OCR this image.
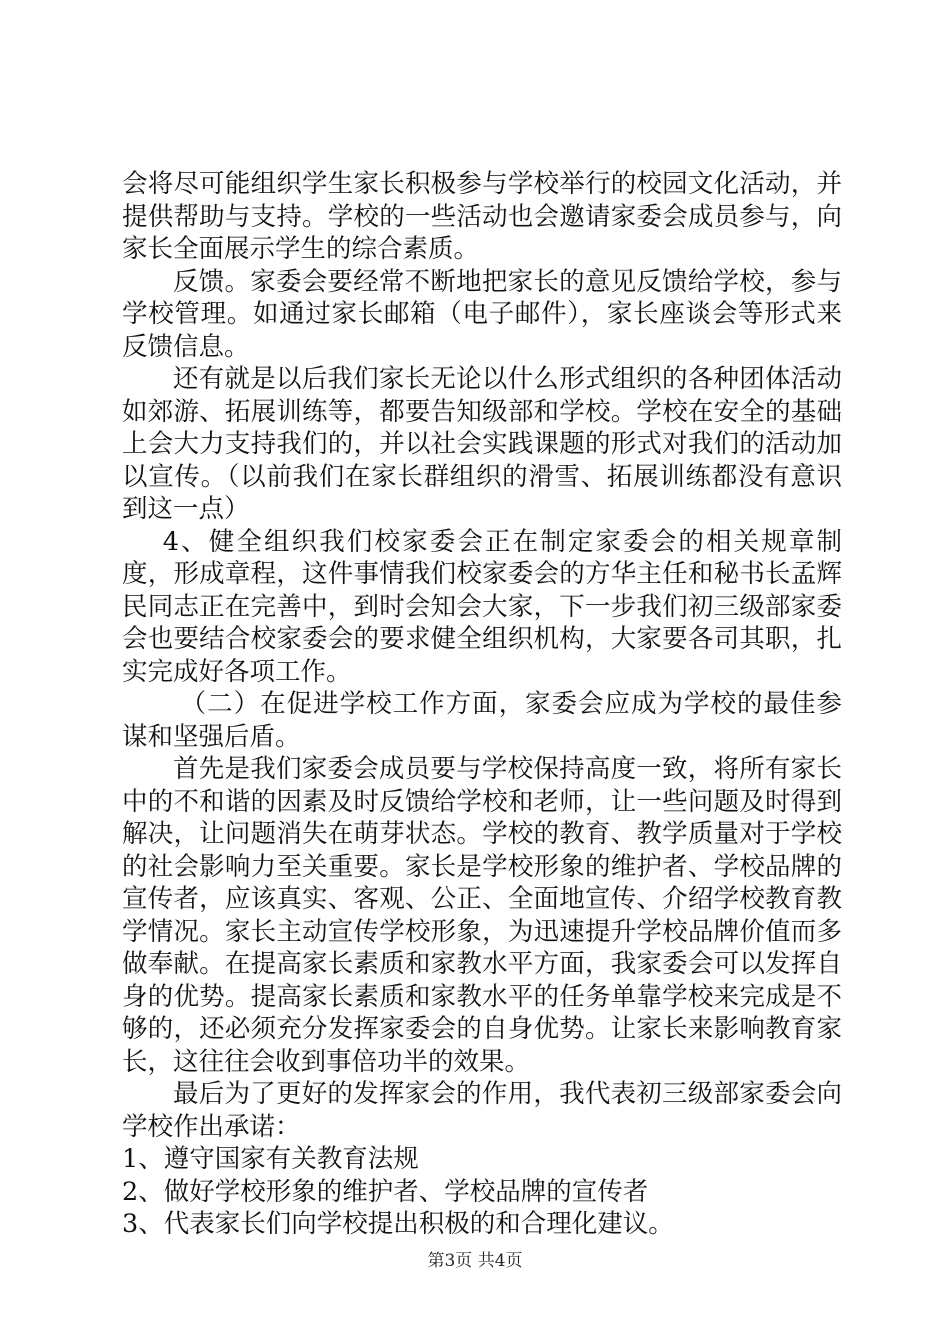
会将尽可能组织学生家长积极参与学校举行的校园文化活动，并提供帮助与支持。学校的一些活动也会邀请家委会成员参与，向家长全面展示学生的综合素质。

反馈。家委会要经常不断地把家长的意见反馈给学校，参与学校管理。如通过家长邮箱（电子邮件），家长座谈会等形式来反馈信息。

还有就是以后我们家长无论以什么形式组织的各种团体活动如郊游、拓展训练等，都要告知级部和学校。学校在安全的基础上会大力支持我们的，并以社会实践课题的形式对我们的活动加以宣传。（以前我们在家长群组织的滑雪、拓展训练都没有意识到这一点）

4、健全组织我们校家委会正在制定家委会的相关规章制度，形成章程，这件事情我们校家委会的方华主任和秘书长孟辉民同志正在完善中，到时会知会大家，下一步我们初三级部家委会也要结合校家委会的要求健全组织机构，大家要各司其职，扎实完成好各项工作。

（二）在促进学校工作方面，家委会应成为学校的最佳参谋和坚强后盾。

首先是我们家委会成员要与学校保持高度一致，将所有家长中的不和谐的因素及时反馈给学校和老师，让一些问题及时得到解决，让问题消失在萌芽状态。学校的教育、教学质量对于学校的社会影响力至关重要。家长是学校形象的维护者、学校品牌的宣传者，应该真实、客观、公正、全面地宣传、介绍学校教育教学情况。家长主动宣传学校形象，为迅速提升学校品牌价值而多做奉献。在提高家长素质和家教水平方面，我家委会可以发挥自身的优势。提高家长素质和家教水平的任务单靠学校来完成是不够的，还必须充分发挥家委会的自身优势。让家长来影响教育家长，这往往会收到事倍功半的效果。

最后为了更好的发挥家会的作用，我代表初三级部家委会向学校作出承诺：

1、遵守国家有关教育法规

2、做好学校形象的维护者、学校品牌的宣传者

3、代表家长们向学校提出积极的和合理化建议。

第3页 共4页
